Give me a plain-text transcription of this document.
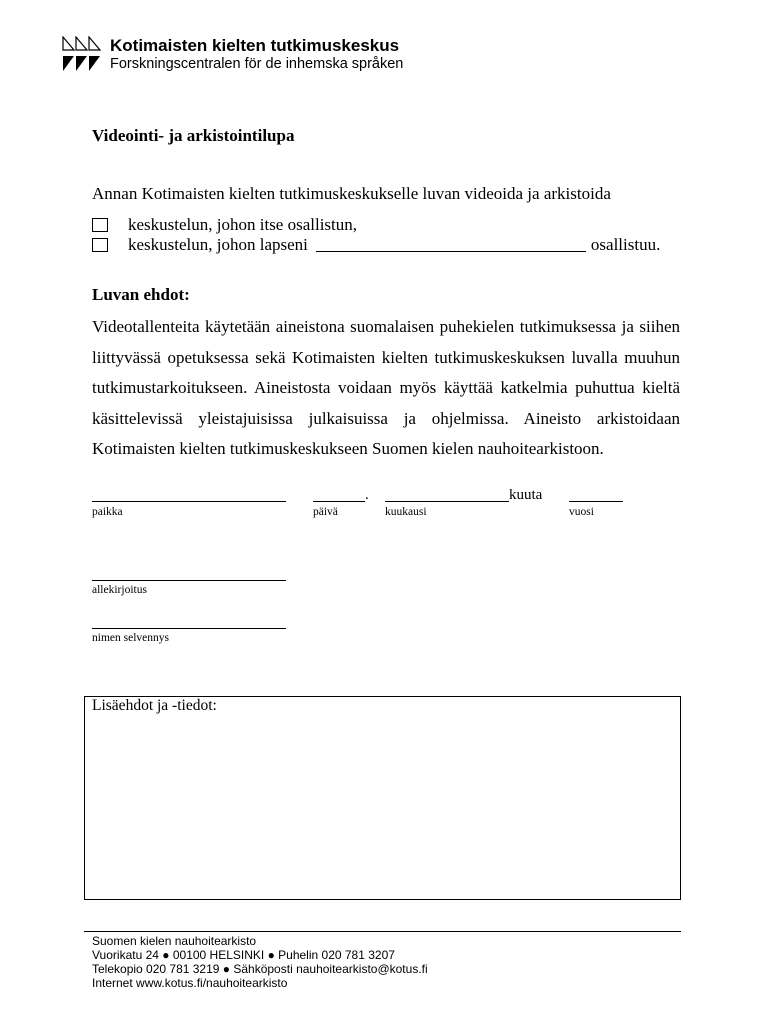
Kotimaisten kielten tutkimuskeskus
Forskningscentralen för de inhemska språken
Videointi- ja arkistointilupa
Annan Kotimaisten kielten tutkimuskeskukselle luvan videoida ja arkistoida
keskustelun, johon itse osallistun,
keskustelun, johon lapseni	osallistuu.
Luvan ehdot:
Videotallenteita käytetään aineistona suomalaisen puhekielen tutkimuksessa ja siihen liittyvässä opetuksessa sekä Kotimaisten kielten tutkimuskeskuksen luvalla muuhun tutkimustarkoitukseen. Aineistosta voidaan myös käyttää katkelmia puhuttua kieltä käsittelevissä yleistajuisissa julkaisuissa ja ohjelmissa. Aineisto arkistoidaan Kotimaisten kielten tutkimuskeskukseen Suomen kielen nauhoitearkistoon.
paikka
.
päivä
kuuta
kuukausi	vuosi
allekirjoitus
nimen selvennys
Lisäehdot ja -tiedot:
Suomen kielen nauhoitearkisto
Vuorikatu 24 ● 00100 HELSINKI ● Puhelin 020 781 3207
Telekopio 020 781 3219 ● Sähköposti nauhoitearkisto@kotus.fi
Internet www.kotus.fi/nauhoitearkisto
